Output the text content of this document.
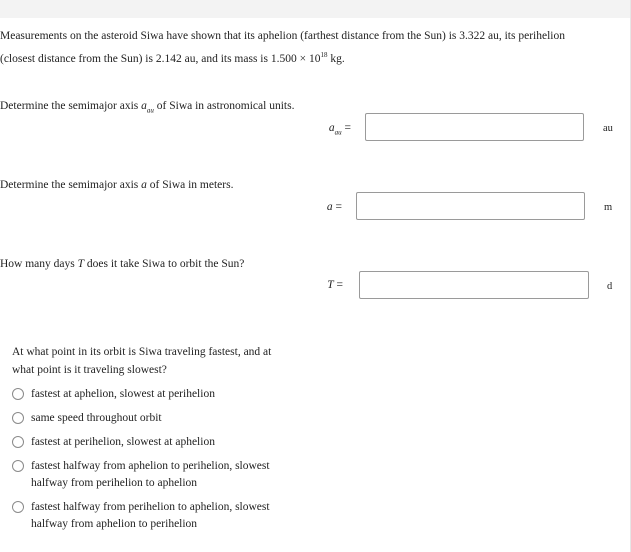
Measurements on the asteroid Siwa have shown that its aphelion (farthest distance from the Sun) is 3.322 au, its perihelion
(closest distance from the Sun) is 2.142 au, and its mass is $1.500 \times 10^{18}$ kg.
Determine the semimajor axis $a_{au}$ of Siwa in astronomical units.
$a_{au}$ =	au
Determine the semimajor axis a of Siwa in meters.
a =	m
How many days T does it take Siwa to orbit the Sun?
T =	d
At what point in its orbit is Siwa traveling fastest, and at what point is it traveling slowest?
fastest at aphelion, slowest at perihelion
same speed throughout orbit
fastest at perihelion, slowest at aphelion
fastest halfway from aphelion to perihelion, slowest halfway from perihelion to aphelion
fastest halfway from perihelion to aphelion, slowest halfway from aphelion to perihelion
